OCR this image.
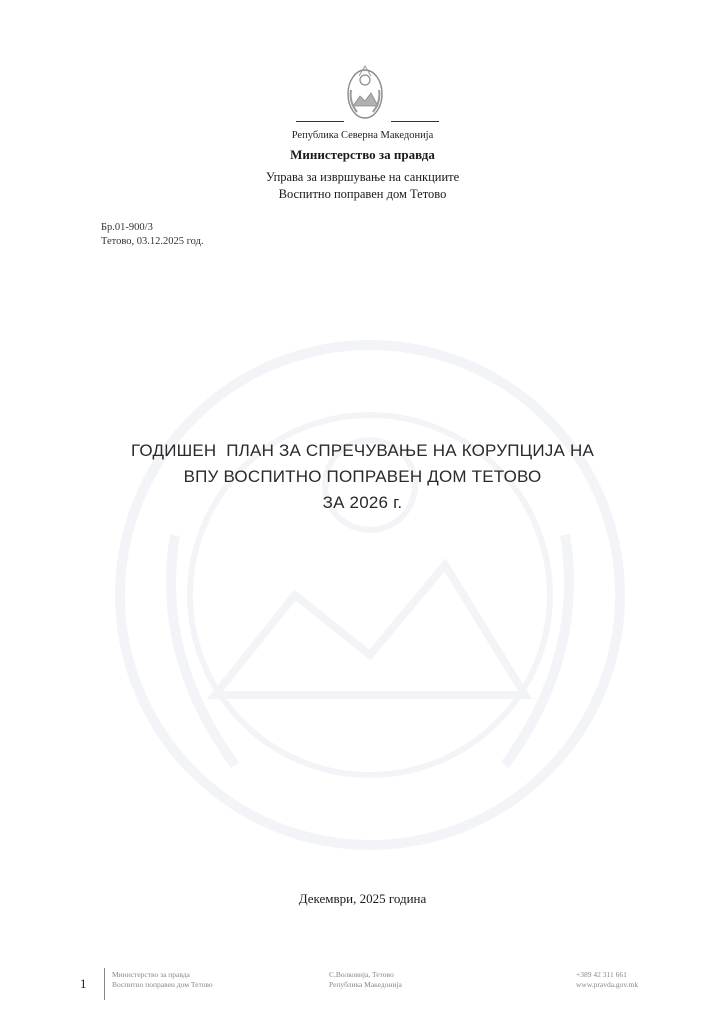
Република Северна Македонија
Министерство за правда
Управа за извршување на санкциите
Воспитно поправен дом Тетово
Бр.01-900/3
Тетово, 03.12.2025 год.
ГОДИШЕН  ПЛАН ЗА СПРЕЧУВАЊЕ НА КОРУПЦИЈА НА
ВПУ ВОСПИТНО ПОПРАВЕН ДОМ ТЕТОВО
ЗА 2026 г.
Декември, 2025 година
1
Министерство за правда
Воспитно поправен дом Тетово
С.Волковија, Тетово
Република Македонија
+389 42 311 661
www.pravda.gov.mk
